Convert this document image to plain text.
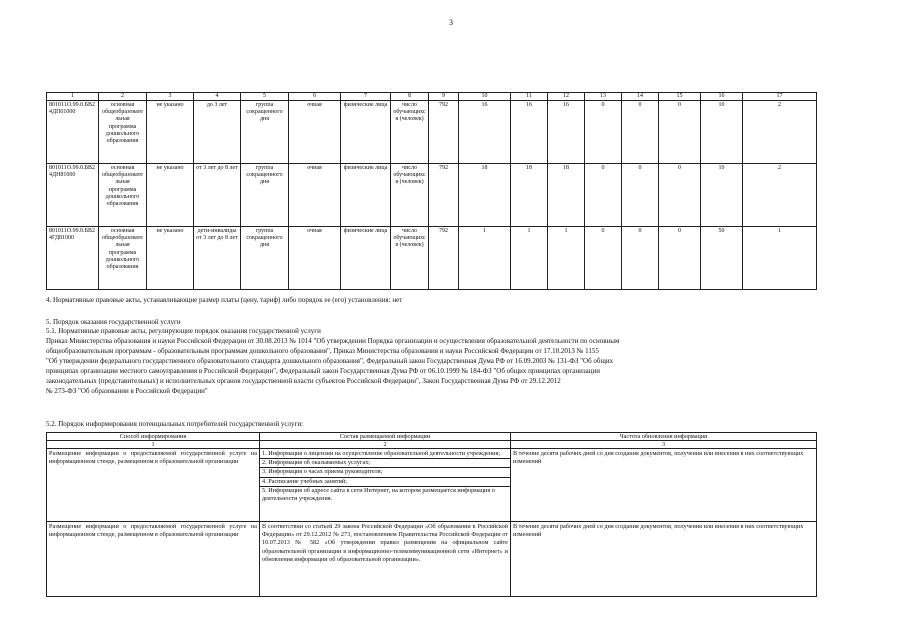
3
1	2	3	4	5	6	7	8	9	10	11	12	13	14	15	16	17
801011О.99.0.БВ24ДП01000	основная общеобразовательная программа дошкольного образования	не указано	до 3 лет	группа сокращенного дня	очная	физические лица	число обучающихся (человек)	792	16	16	16	0	0	0	10	2
801011О.99.0.БВ24ДН81000	основная общеобразовательная программа дошкольного образования	не указано	от 3 лет до 8 лет	группа сокращенного дня	очная	физические лица	число обучающихся (человек)	792	18	18	18	0	0	0	10	2
801011О.99.0.БВ24ГД81000	основная общеобразовательная программа дошкольного образования	не указано	дети-инвалиды от 3 лет до 8 лет	группа сокращенного дня	очная	физические лица	число обучающихся (человек)	792	1	1	1	0	0	0	50	1
4. Нормативные правовые акты, устанавливающие размер платы (цену, тариф) либо порядок ее (его) установления: нет
5. Порядок оказания государственной услуги
5.1. Нормативные правовые акты, регулирующие порядок оказания государственной услуги
Приказ Министерства образования и науки Российской Федерации от 30.08.2013 № 1014 "Об утверждении Порядка организации и осуществления образовательной деятельности по основным
общеобразовательным программам - образовательным программам дошкольного образования", Приказ Министерства образования и науки Российской Федерации от 17.10.2013 № 1155
"Об утверждении федерального государственного образовательного стандарта дошкольного образования", Федеральный закон Государственная Дума РФ от 16.09.2003 № 131-ФЗ "Об общих
принципах организации местного самоуправления в Российской Федерации", Федеральный закон Государственная Дума РФ от 06.10.1999 № 184-ФЗ "Об общих принципах организации
законодательных (представительных) и исполнительных органов государственной власти субъектов Российской Федерации", Закон Государственная Дума РФ от 29.12.2012
№ 273-ФЗ "Об образовании в Российской Федерации"
5.2. Порядок информирования потенциальных потребителей государственной услуги:
Способ информирования	Состав размещаемой информации	Частота обновления информации
1	2	3
Размещение информации о предоставляемой государственной услуге на информационном стенде, размещенном в образовательной организации	1. Информация о лицензии на осуществление образовательной деятельности учреждения;
2. Информация об оказываемых услугах;
3. Информация о часах приема руководителя;
4. Расписание учебных занятий;
5. Информация об адресе сайта в сети Интернет, на котором размещается информация о деятельности учреждения.	В течение десяти рабочих дней со дня создания документов, получения или внесения в них соответствующих изменений
Размещение информации о предоставляемой государственной услуге на информационном стенде, размещенном в образовательной организации	В соответствии со статьей 29 закона Российской Федерации «Об образовании в Российской Федерации» от 29.12.2012 № 273, постановлением Правительства Российской Федерации от 10.07.2013 № 582 «Об утверждении правил размещения на официальном сайте образовательной организации в информационно-телекоммуникационной сети «Интернет» и обновления информации об образовательной организации».	В течение десяти рабочих дней со дня создания документов, получения или внесения в них соответствующих изменений
